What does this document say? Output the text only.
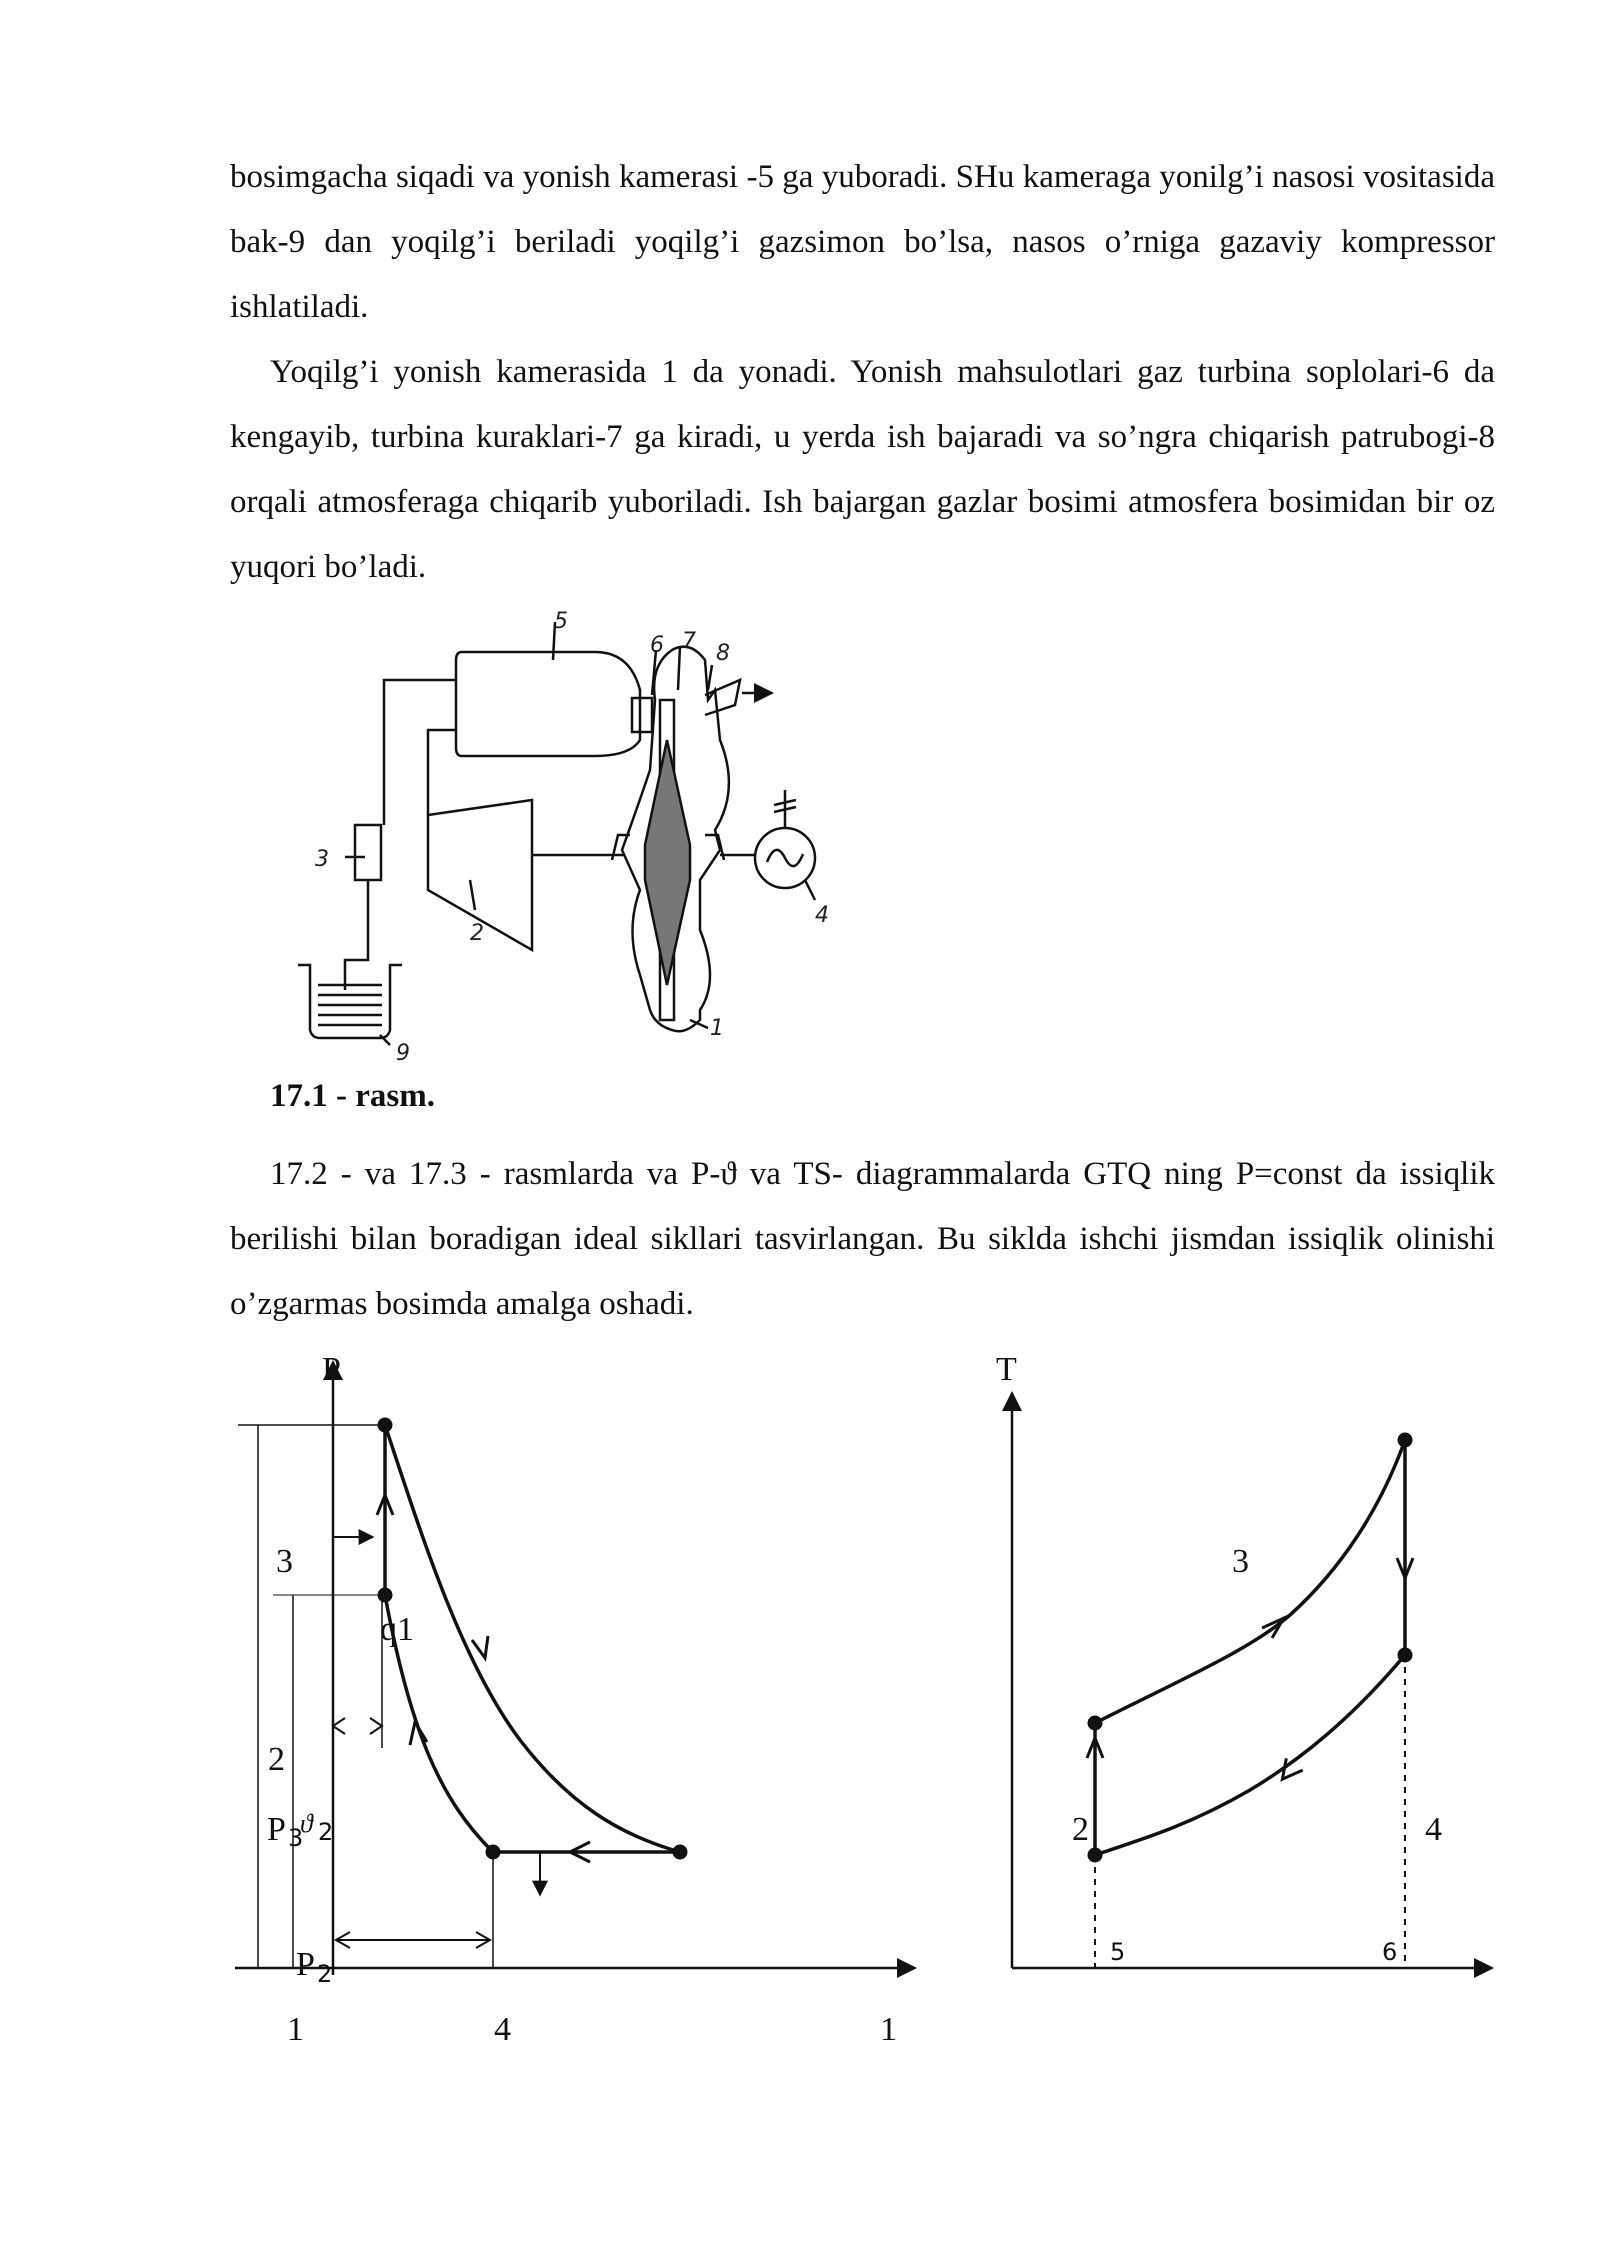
bosimgacha siqadi va yonish kamerasi -5 ga yuboradi. SHu kameraga yonilg’i nasosi vositasida bak-9 dan yoqilg’i beriladi yoqilg’i gazsimon bo’lsa, nasos o’rniga gazaviy kompressor ishlatiladi.

Yoqilg’i yonish kamerasida 1 da yonadi. Yonish mahsulotlari gaz turbina soplolari-6 da kengayib, turbina kuraklari-7 ga kiradi, u yerda ish bajaradi va so’ngra chiqarish patrubogi-8 orqali atmosferaga chiqarib yuboriladi. Ish bajargan gazlar bosimi atmosfera bosimidan bir oz yuqori bo’ladi.

17.1 - rasm.

17.2 - va 17.3 - rasmlarda va P-ϑ va TS- diagrammalarda GTQ ning P=const da issiqlik berilishi bilan boradigan ideal sikllari tasvirlangan. Bu siklda ishchi jismdan issiqlik olinishi o’zgarmas bosimda amalga oshadi.

5
6 7 8
3
2
4
9
1
P
3
q1
2
P 3
ϑ 2
P 2
1	4	1
T
3
2	4
5	6
